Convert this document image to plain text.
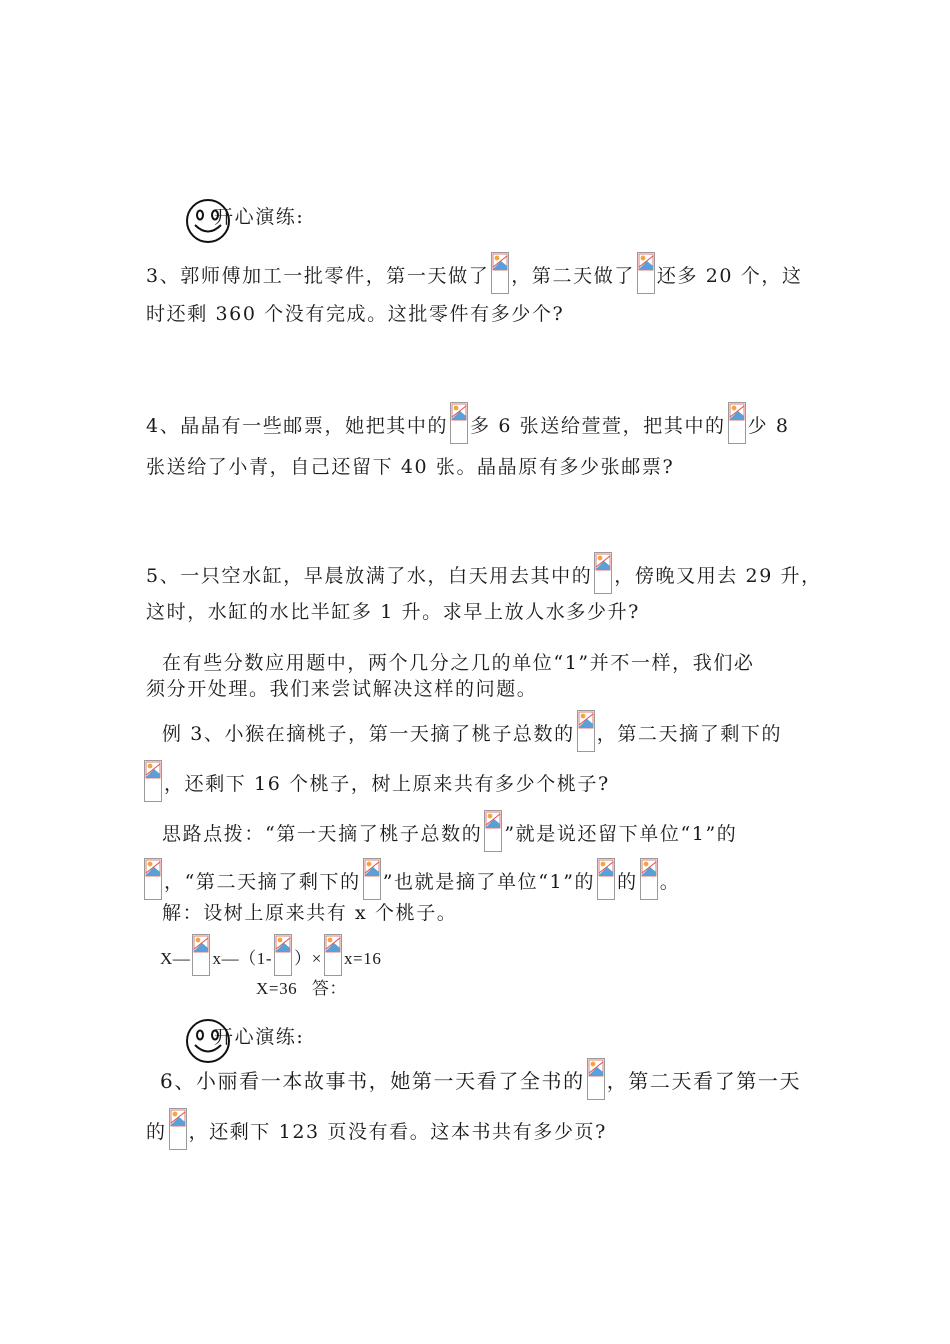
开心演练:
3、郭师傅加工一批零件，第一天做了 ，第二天做了 还多 20 个，这
时还剩 360 个没有完成。这批零件有多少个?
4、晶晶有一些邮票，她把其中的 多 6 张送给萱萱，把其中的 少 8
张送给了小青，自己还留下 40 张。晶晶原有多少张邮票?
5、一只空水缸，早晨放满了水，白天用去其中的 ，傍晚又用去 29 升，
这时，水缸的水比半缸多 1 升。求早上放人水多少升?
在有些分数应用题中，两个几分之几的单位“1”并不一样，我们必
须分开处理。我们来尝试解决这样的问题。
例 3、小猴在摘桃子，第一天摘了桃子总数的 ，第二天摘了剩下的
，还剩下 16 个桃子，树上原来共有多少个桃子?
思路点拨：“第一天摘了桃子总数的 ”就是说还留下单位“1”的
，“第二天摘了剩下的 ”也就是摘了单位“1”的 的 。
解：设树上原来共有 x 个桃子。
X— x—（1- ）× x=16
X=36 答：
开心演练:
6、小丽看一本故事书，她第一天看了全书的 ，第二天看了第一天
的 ，还剩下 123 页没有看。这本书共有多少页?
